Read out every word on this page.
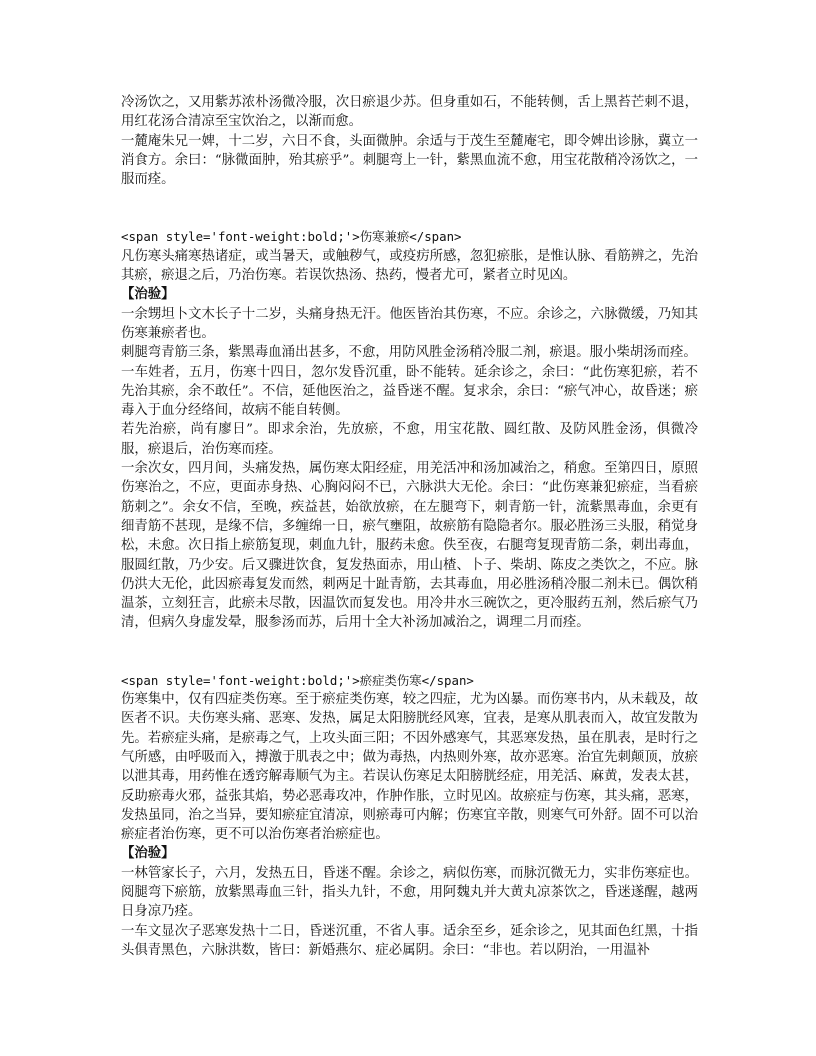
冷汤饮之，又用紫苏浓朴汤微冷服，次日瘀退少苏。但身重如石，不能转侧，舌上黑苔芒刺不退，用红花汤合清凉至宝饮治之，以渐而愈。

一麓庵朱兄一婢，十二岁，六日不食，头面微肿。余适与于茂生至麓庵宅，即令婢出诊脉，冀立一消食方。余曰：“脉微面肿，殆其瘀乎”。刺腿弯上一针，紫黑血流不愈，用宝花散稍冷汤饮之，一服而痊。

<span style='font-weight:bold;'>伤寒兼瘀</span>

凡伤寒头痛寒热诸症，或当暑天，或触秽气，或疫疠所感，忽犯瘀胀，是惟认脉、看筋辨之，先治其瘀，瘀退之后，乃治伤寒。若误饮热汤、热药，慢者尤可，紧者立时见凶。

【治验】

一余甥坦卜文木长子十二岁，头痛身热无汗。他医皆治其伤寒，不应。余诊之，六脉微缓，乃知其伤寒兼瘀者也。

刺腿弯青筋三条，紫黑毒血涌出甚多，不愈，用防风胜金汤稍冷服二剂，瘀退。服小柴胡汤而痊。

一车姓者，五月，伤寒十四日，忽尔发昏沉重，卧不能转。延余诊之，余曰：“此伤寒犯瘀，若不先治其瘀，余不敢任”。不信，延他医治之，益昏迷不醒。复求余，余曰：“瘀气冲心，故昏迷；瘀毒入于血分经络间，故病不能自转侧。

若先治瘀，尚有廖日”。即求余治，先放瘀，不愈，用宝花散、圆红散、及防风胜金汤，俱微冷服，瘀退后，治伤寒而痊。

一余次女，四月间，头痛发热，属伤寒太阳经症，用羌活冲和汤加减治之，稍愈。至第四日，原照伤寒治之，不应，更面赤身热、心胸闷闷不已，六脉洪大无伦。余曰：“此伤寒兼犯瘀症，当看瘀筋刺之”。余女不信，至晚，疾益甚，始欲放瘀，在左腿弯下，刺青筋一针，流紫黑毒血，余更有细青筋不甚现，是缘不信，多缠绵一日，瘀气壅阻，故瘀筋有隐隐者尔。服必胜汤三头服，稍觉身松，未愈。次日指上瘀筋复现，刺血九针，服药未愈。佚至夜，右腿弯复现青筋二条，刺出毒血，服圆红散，乃少安。后又骤进饮食，复发热面赤，用山楂、卜子、柴胡、陈皮之类饮之，不应。脉仍洪大无伦，此因瘀毒复发而然，刺两足十趾青筋，去其毒血，用必胜汤稍冷服二剂未已。偶饮稍温茶，立刻狂言，此瘀未尽散，因温饮而复发也。用冷井水三碗饮之，更冷服药五剂，然后瘀气乃清，但病久身虚发晕，服参汤而苏，后用十全大补汤加减治之，调理二月而痊。

<span style='font-weight:bold;'>瘀症类伤寒</span>

伤寒集中，仅有四症类伤寒。至于瘀症类伤寒，较之四症，尤为凶暴。而伤寒书内，从未载及，故医者不识。夫伤寒头痛、恶寒、发热，属足太阳膀胱经风寒，宜表，是寒从肌表而入，故宜发散为先。若瘀症头痛，是瘀毒之气，上攻头面三阳；不因外感寒气，其恶寒发热，虽在肌表，是时行之气所感，由呼吸而入，搏激于肌表之中；做为毒热，内热则外寒，故亦恶寒。治宜先刺颠顶，放瘀以泄其毒，用药惟在透窍解毒顺气为主。若误认伤寒足太阳膀胱经症，用羌活、麻黄，发表太甚，反助瘀毒火邪，益张其焰，势必恶毒攻冲，作肿作胀，立时见凶。故瘀症与伤寒，其头痛，恶寒，发热虽同，治之当异，要知瘀症宜清凉，则瘀毒可内解；伤寒宜辛散，则寒气可外舒。固不可以治瘀症者治伤寒，更不可以治伤寒者治瘀症也。

【治验】

一林管家长子，六月，发热五日，昏迷不醒。余诊之，病似伤寒，而脉沉微无力，实非伤寒症也。阅腿弯下瘀筋，放紫黑毒血三针，指头九针，不愈，用阿魏丸并大黄丸凉茶饮之，昏迷遂醒，越两日身凉乃痊。

一车文显次子恶寒发热十二日，昏迷沉重，不省人事。适余至乡，延余诊之，见其面色红黑，十指头俱青黑色，六脉洪数，皆曰：新婚燕尔、症必属阴。余曰：“非也。若以阴治，一用温补
